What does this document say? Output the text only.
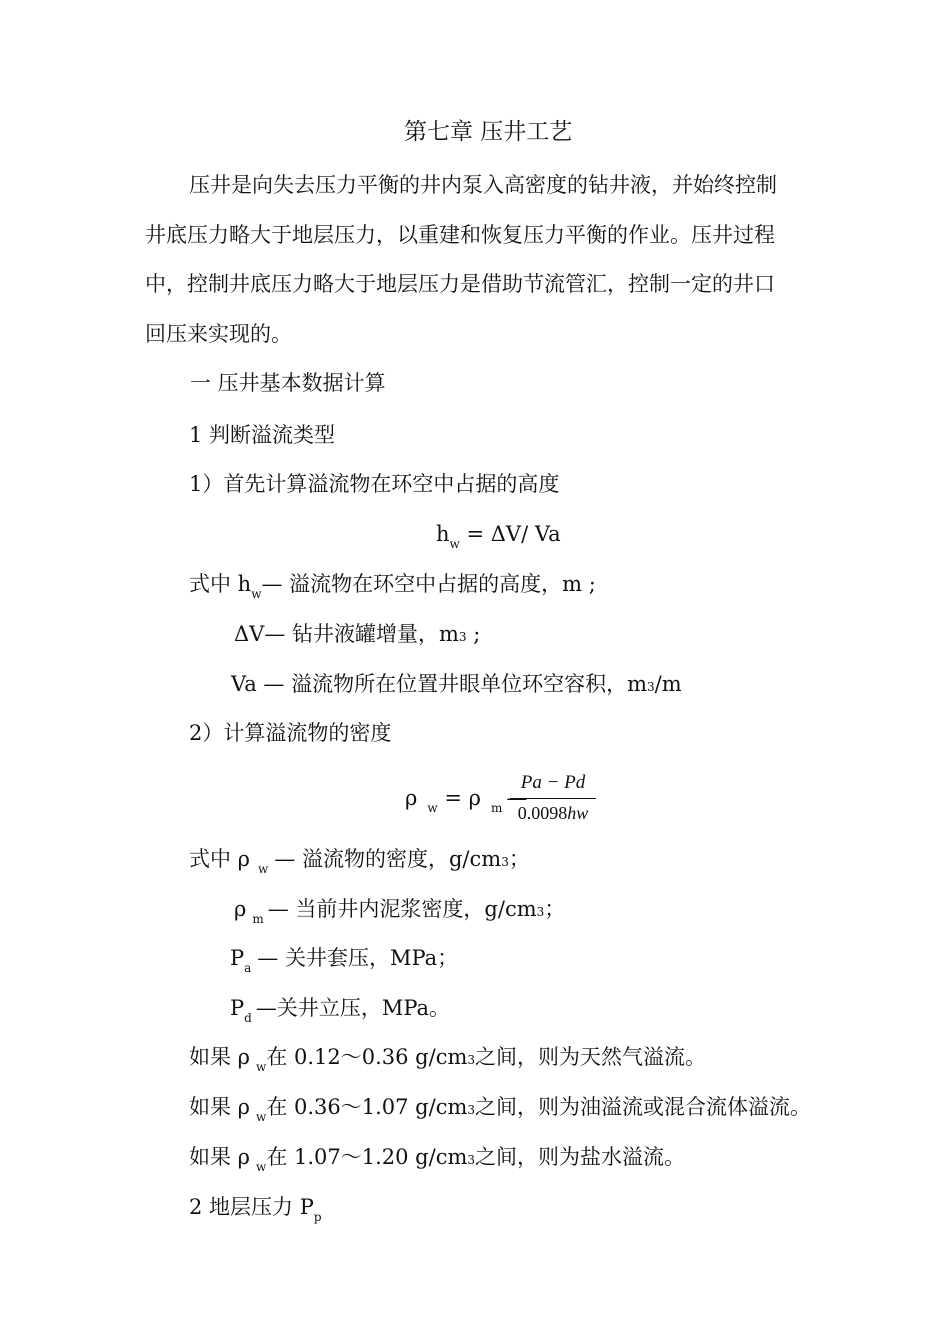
第七章 压井工艺
压井是向失去压力平衡的井内泵入高密度的钻井液，并始终控制
井底压力略大于地层压力，以重建和恢复压力平衡的作业。压井过程
中，控制井底压力略大于地层压力是借助节流管汇，控制一定的井口
回压来实现的。
一 压井基本数据计算
1 判断溢流类型
1）首先计算溢流物在环空中占据的高度
$h_w = \Delta V/$ Va
式中 $h_w—$ 溢流物在环空中占据的高度，m ;
ΔV— 钻井液罐增量，m3 ;
Va — 溢流物所在位置井眼单位环空容积，m3/m
2）计算溢流物的密度
ρ $_w$ = ρ $_m$ —
Pa − Pd
0.0098hw
式中 ρ $_w$ — 溢流物的密度，g/cm3；
ρ $_m$ — 当前井内泥浆密度，g/cm3；
$P_a$ — 关井套压，MPa；
$P_d$ —关井立压，MPa。
如果 ρ $_w$在 0.12～0.36 g/cm3之间，则为天然气溢流。
如果 ρ $_w$在 0.36～1.07 g/cm3之间，则为油溢流或混合流体溢流。
如果 ρ $_w$在 1.07～1.20 g/cm3之间，则为盐水溢流。
2 地层压力 $P_p$
